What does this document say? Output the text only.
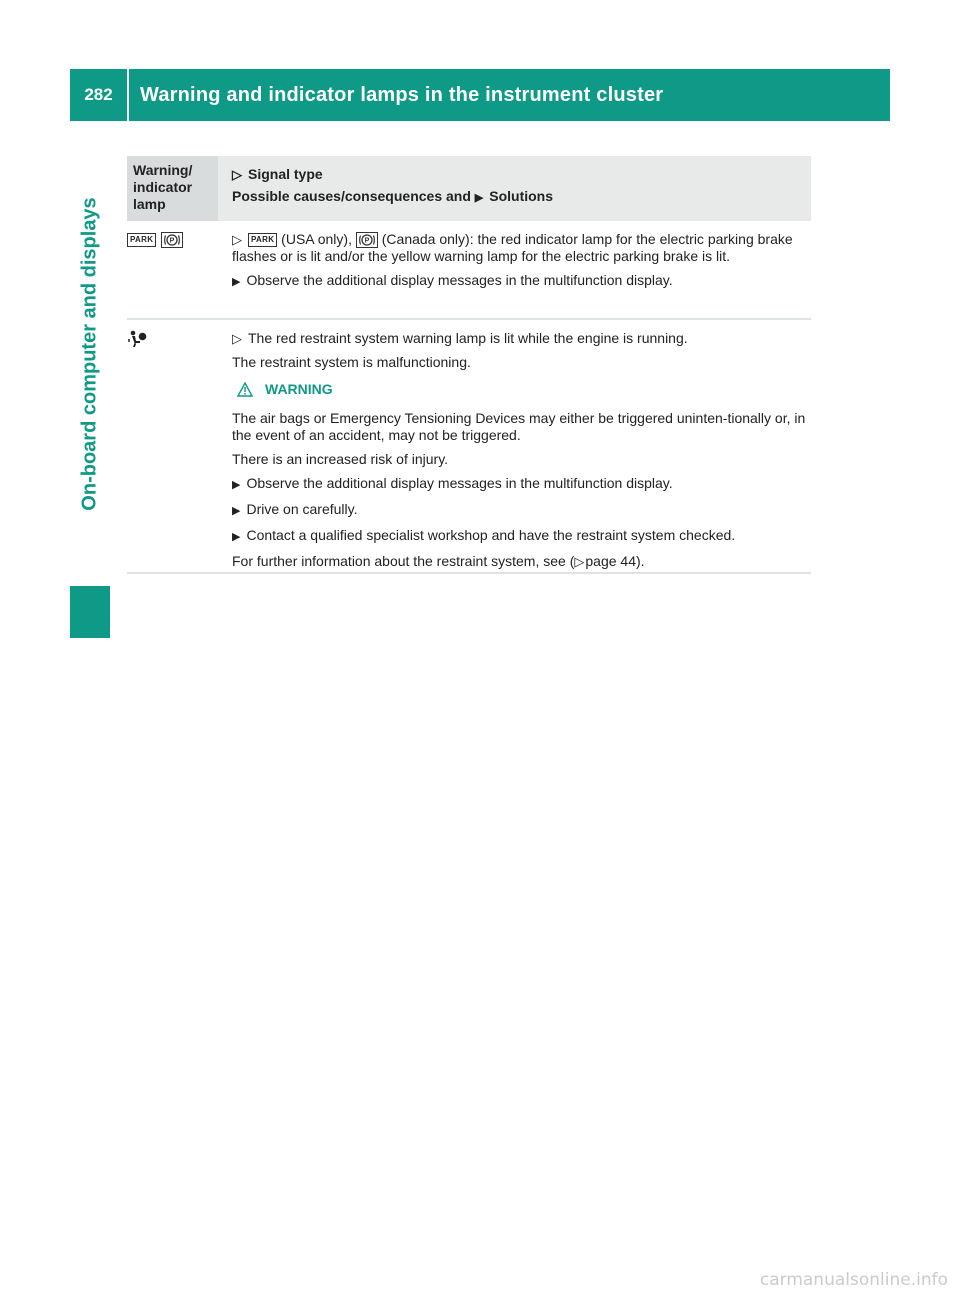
282	Warning and indicator lamps in the instrument cluster
On-board computer and displays
Warning/
indicator
lamp
▷ Signal type
Possible causes/consequences and ▶ Solutions
PARK P	▷ PARK (USA only), P (Canada only): the red indicator lamp for the electric parking brake flashes or is lit and/or the yellow warning lamp for the electric parking brake is lit.

▶ Observe the additional display messages in the multifunction display.

▷ The red restraint system warning lamp is lit while the engine is running.

The restraint system is malfunctioning.

WARNING

The air bags or Emergency Tensioning Devices may either be triggered uninten-tionally or, in the event of an accident, may not be triggered.

There is an increased risk of injury.

▶ Observe the additional display messages in the multifunction display.

▶ Drive on carefully.

▶ Contact a qualified specialist workshop and have the restraint system checked.

For further information about the restraint system, see (▷page 44).

carmanualsonline.info
